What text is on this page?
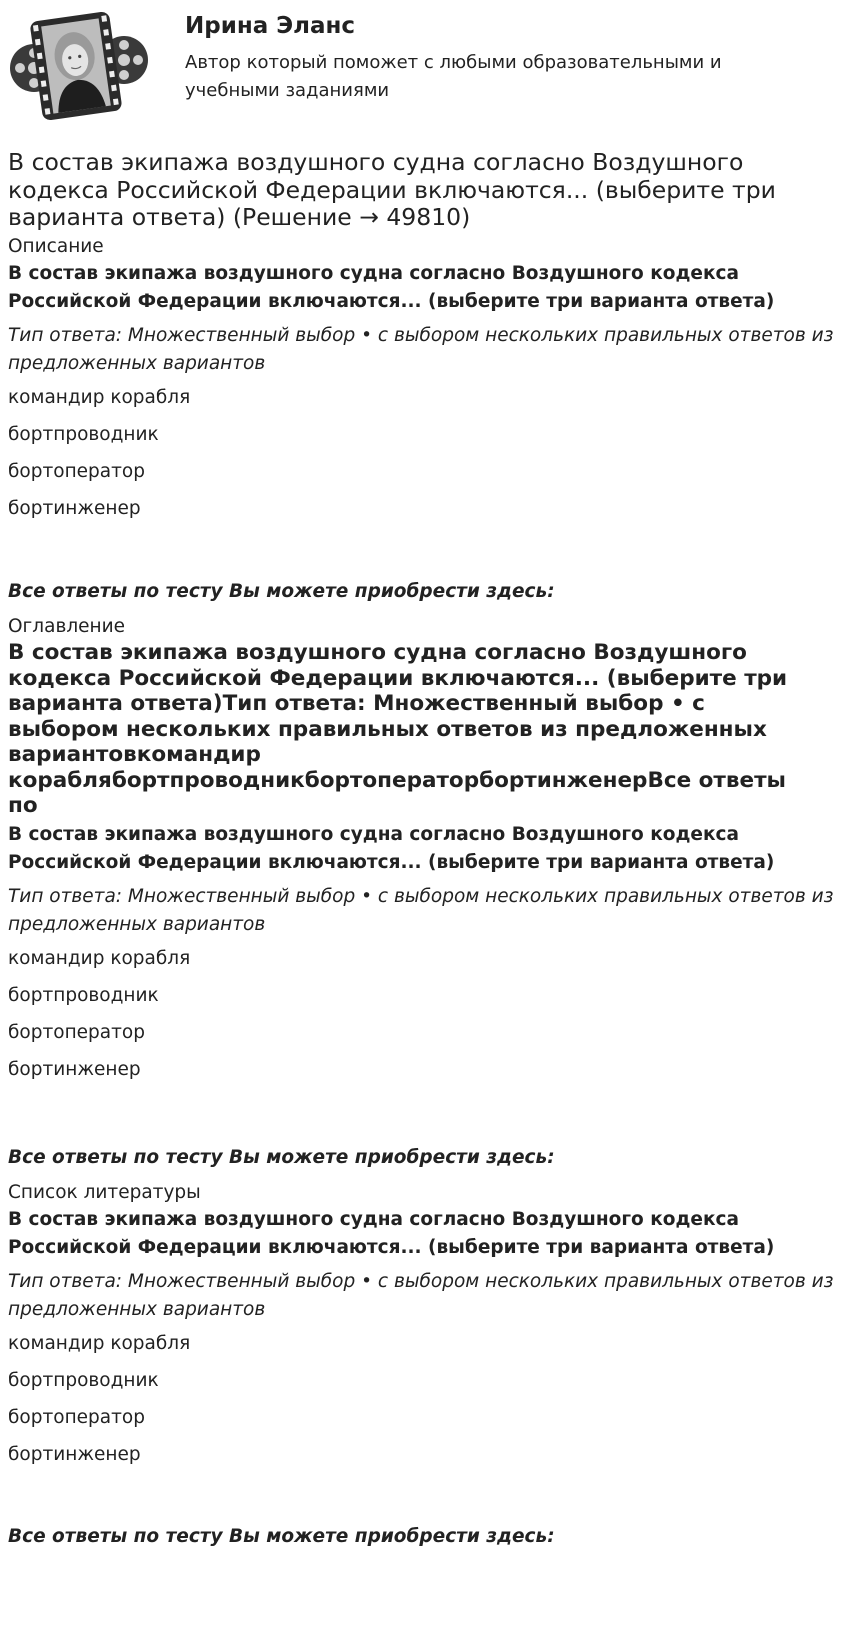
Ирина Эланс
Автор который поможет с любыми образовательными и учебными заданиями
В состав экипажа воздушного судна согласно Воздушного кодекса Российской Федерации включаются... (выберите три варианта ответа) (Решение → 49810)

Описание

В состав экипажа воздушного судна согласно Воздушного кодекса Российской Федерации включаются... (выберите три варианта ответа)

Тип ответа: Множественный выбор • с выбором нескольких правильных ответов из предложенных вариантов

командир корабля
бортпроводник
бортоператор
бортинженер

Все ответы по тесту Вы можете приобрести здесь:

Оглавление

В состав экипажа воздушного судна согласно Воздушного кодекса Российской Федерации включаются... (выберите три варианта ответа)Тип ответа: Множественный выбор • с выбором нескольких правильных ответов из предложенных вариантовкомандир кораблябортпроводникбортоператорбортинженерВсе ответы по

В состав экипажа воздушного судна согласно Воздушного кодекса Российской Федерации включаются... (выберите три варианта ответа)

Тип ответа: Множественный выбор • с выбором нескольких правильных ответов из предложенных вариантов

командир корабля
бортпроводник
бортоператор
бортинженер

Все ответы по тесту Вы можете приобрести здесь:

Список литературы

В состав экипажа воздушного судна согласно Воздушного кодекса Российской Федерации включаются... (выберите три варианта ответа)

Тип ответа: Множественный выбор • с выбором нескольких правильных ответов из предложенных вариантов

командир корабля
бортпроводник
бортоператор
бортинженер

Все ответы по тесту Вы можете приобрести здесь:
